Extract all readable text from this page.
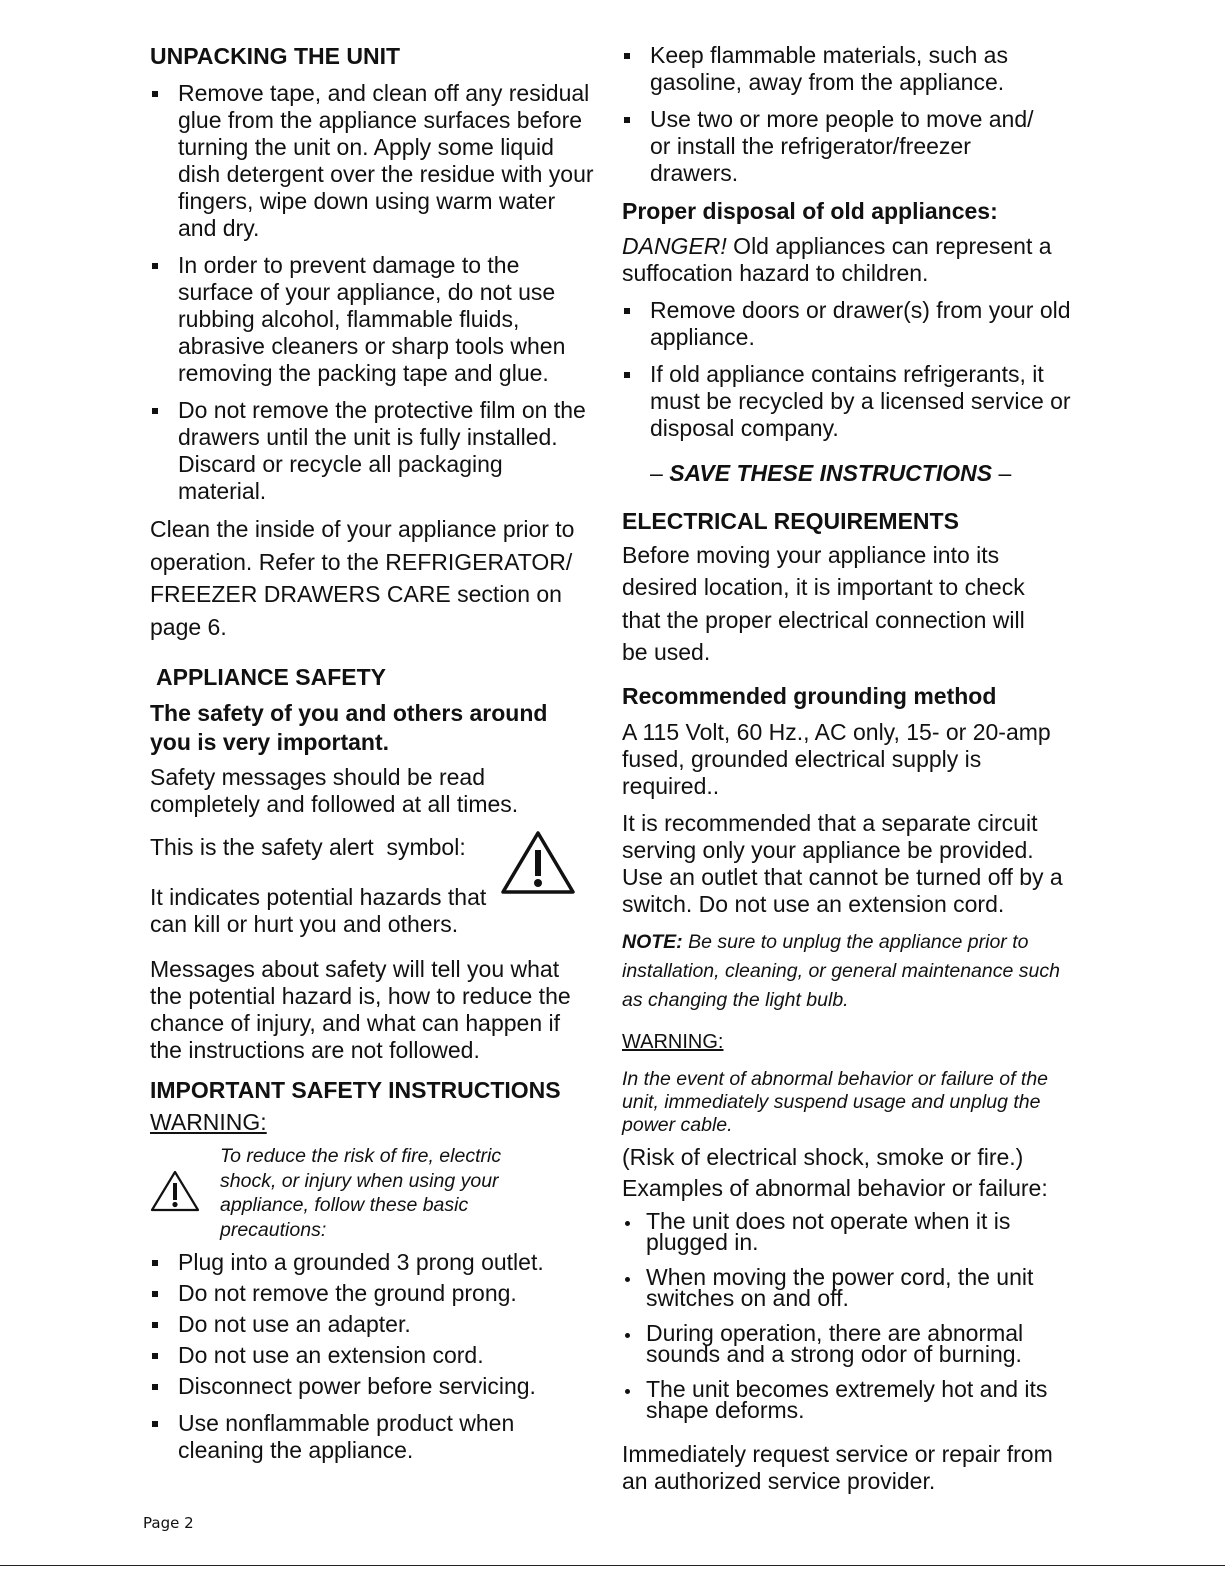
UNPACKING THE UNIT
Remove tape, and clean off any residual glue from the appliance surfaces before turning the unit on. Apply some liquid dish detergent over the residue with your fingers, wipe down using warm water and dry.
In order to prevent damage to the surface of your appliance, do not use rubbing alcohol, flammable fluids, abrasive cleaners or sharp tools when removing the packing tape and glue.
Do not remove the protective film on the drawers until the unit is fully installed. Discard or recycle all packaging material.

Clean the inside of your appliance prior to operation. Refer to the REFRIGERATOR/ FREEZER DRAWERS CARE section on page 6.

APPLIANCE SAFETY
The safety of you and others around you is very important.

Safety messages should be read completely and followed at all times.

This is the safety alert  symbol:

It indicates potential hazards that can kill or hurt you and others.

Messages about safety will tell you what the potential hazard is, how to reduce the chance of injury, and what can happen if the instructions are not followed.

IMPORTANT SAFETY INSTRUCTIONS

WARNING:

To reduce the risk of fire, electric shock, or injury when using your appliance, follow these basic precautions:

Plug into a grounded 3 prong outlet.
Do not remove the ground prong.
Do not use an adapter.
Do not use an extension cord.
Disconnect power before servicing.
Use nonflammable product when cleaning the appliance.
Keep flammable materials, such as gasoline, away from the appliance.
Use two or more people to move and/ or install the refrigerator/freezer drawers.
Proper disposal of old appliances:

DANGER! Old appliances can represent a suffocation hazard to children.

Remove doors or drawer(s) from your old appliance.
If old appliance contains refrigerants, it must be recycled by a licensed service or disposal company.

– SAVE THESE INSTRUCTIONS –

ELECTRICAL REQUIREMENTS

Before moving your appliance into its desired location, it is important to check that the proper electrical connection will be used.

Recommended grounding method

A 115 Volt, 60 Hz., AC only, 15- or 20-amp fused, grounded electrical supply is required..

It is recommended that a separate circuit serving only your appliance be provided. Use an outlet that cannot be turned off by a switch. Do not use an extension cord.

NOTE: Be sure to unplug the appliance prior to installation, cleaning, or general maintenance such as changing the light bulb.

WARNING:

In the event of abnormal behavior or failure of the unit, immediately suspend usage and unplug the power cable.

(Risk of electrical shock, smoke or fire.)

Examples of abnormal behavior or failure:

The unit does not operate when it is plugged in.
When moving the power cord, the unit switches on and off.
During operation, there are abnormal sounds and a strong odor of burning.
The unit becomes extremely hot and its shape deforms.

Immediately request service or repair from an authorized service provider.

Page 2
